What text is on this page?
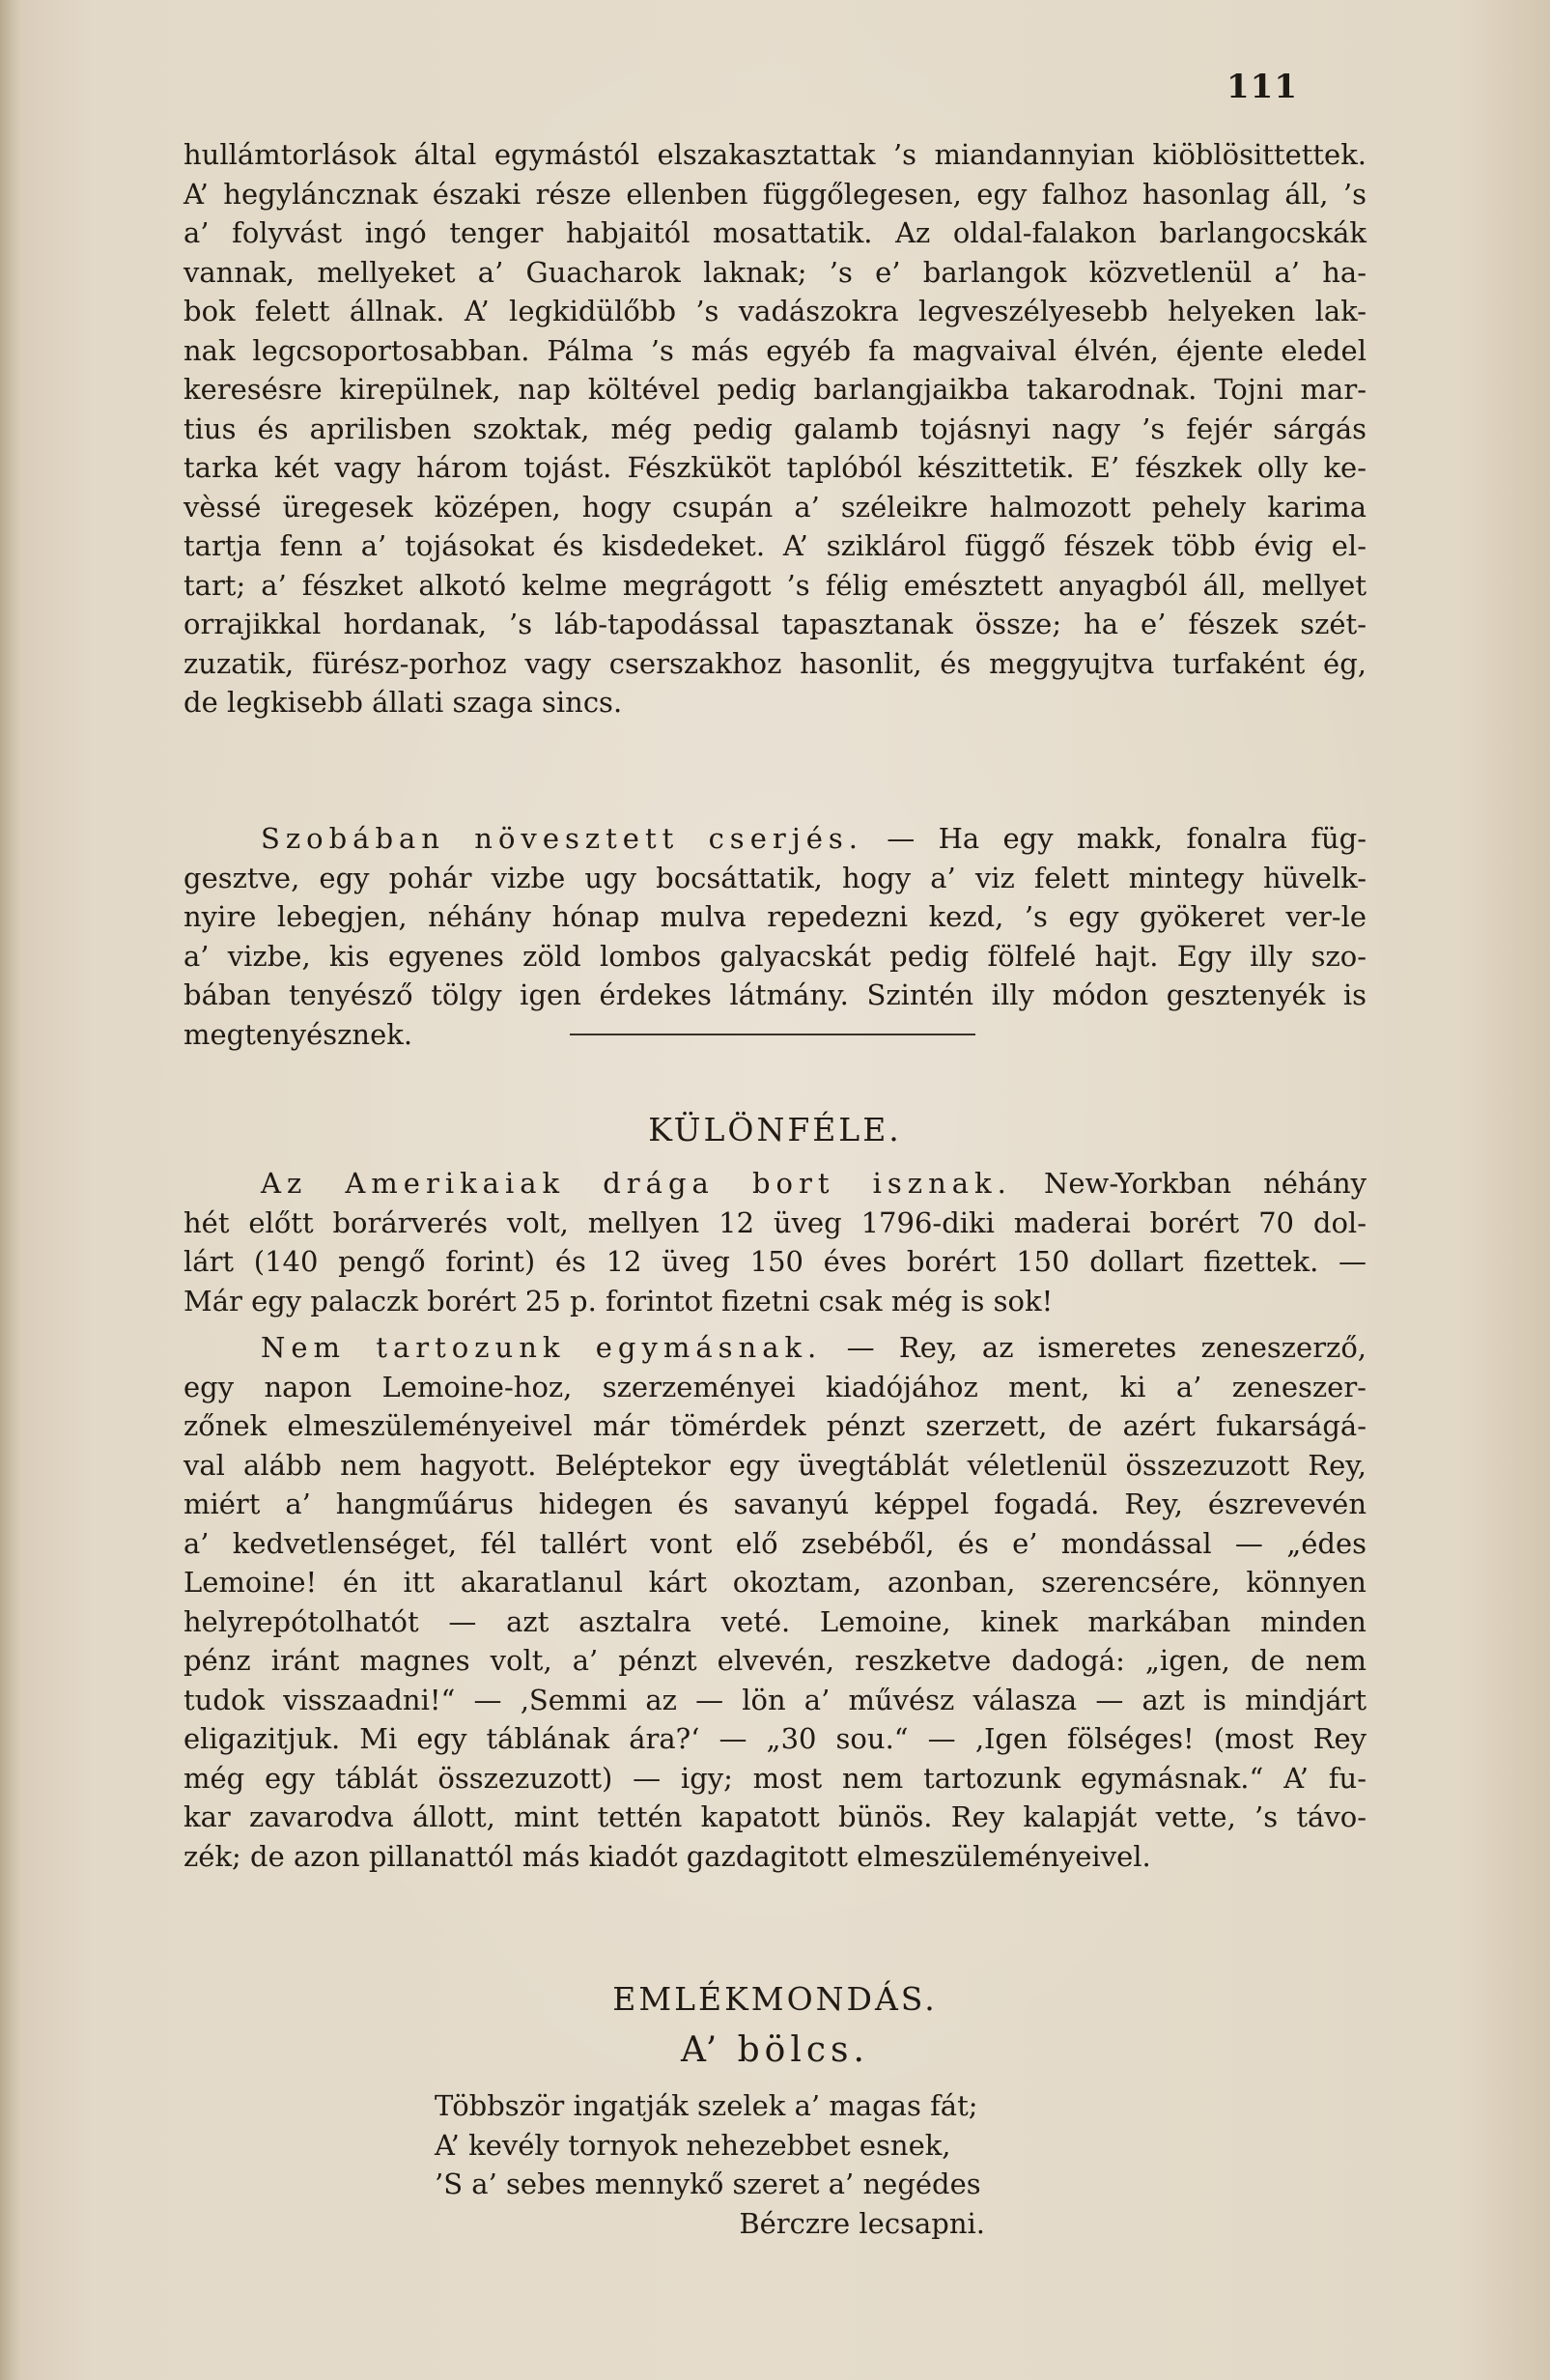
111
hullámtorlások által egymástól elszakasztattak ’s miandannyian kiöblösittettek.
A’ hegyláncznak északi része ellenben függőlegesen, egy falhoz hasonlag áll, ’s
a’ folyvást ingó tenger habjaitól mosattatik. Az oldal-falakon barlangocskák
vannak, mellyeket a’ Guacharok laknak; ’s e’ barlangok közvetlenül a’ ha-
bok felett állnak. A’ legkidülőbb ’s vadászokra legveszélyesebb helyeken lak-
nak legcsoportosabban. Pálma ’s más egyéb fa magvaival élvén, éjente eledel
keresésre kirepülnek, nap költével pedig barlangjaikba takarodnak. Tojni mar-
tius és aprilisben szoktak, még pedig galamb tojásnyi nagy ’s fejér sárgás
tarka két vagy három tojást. Fészküköt taplóból készittetik. E’ fészkek olly ke-
vèssé üregesek középen, hogy csupán a’ széleikre halmozott pehely karima
tartja fenn a’ tojásokat és kisdedeket. A’ sziklárol függő fészek több évig el-
tart; a’ fészket alkotó kelme megrágott ’s félig emésztett anyagból áll, mellyet
orrajikkal hordanak, ’s láb-tapodással tapasztanak össze; ha e’ fészek szét-
zuzatik, fürész-porhoz vagy cserszakhoz hasonlit, és meggyujtva turfaként ég,
de legkisebb állati szaga sincs.
Szobában növesztett cserjés. — Ha egy makk, fonalra füg-
gesztve, egy pohár vizbe ugy bocsáttatik, hogy a’ viz felett mintegy hüvelk-
nyire lebegjen, néhány hónap mulva repedezni kezd, ’s egy gyökeret ver-le
a’ vizbe, kis egyenes zöld lombos galyacskát pedig fölfelé hajt. Egy illy szo-
bában tenyésző tölgy igen érdekes látmány. Szintén illy módon gesztenyék is
megtenyésznek.
KÜLÖNFÉLE.
Az Amerikaiak drága bort isznak. New-Yorkban néhány
hét előtt borárverés volt, mellyen 12 üveg 1796-diki maderai borért 70 dol-
lárt (140 pengő forint) és 12 üveg 150 éves borért 150 dollart fizettek. —
Már egy palaczk borért 25 p. forintot fizetni csak még is sok!
Nem tartozunk egymásnak. — Rey, az ismeretes zeneszerző,
egy napon Lemoine-hoz, szerzeményei kiadójához ment, ki a’ zeneszer-
zőnek elmeszüleményeivel már tömérdek pénzt szerzett, de azért fukarságá-
val alább nem hagyott. Beléptekor egy üvegtáblát véletlenül összezuzott Rey,
miért a’ hangműárus hidegen és savanyú képpel fogadá. Rey, észrevevén
a’ kedvetlenséget, fél tallért vont elő zsebéből, és e’ mondással — „édes
Lemoine! én itt akaratlanul kárt okoztam, azonban, szerencsére, könnyen
helyrepótolhatót — azt asztalra veté. Lemoine, kinek markában minden
pénz iránt magnes volt, a’ pénzt elvevén, reszketve dadogá: „igen, de nem
tudok visszaadni!“ — ‚Semmi az — lön a’ művész válasza — azt is mindjárt
eligazitjuk. Mi egy táblának ára?‘ — „30 sou.“ — ‚Igen fölséges! (most Rey
még egy táblát összezuzott) — igy; most nem tartozunk egymásnak.“ A’ fu-
kar zavarodva állott, mint tettén kapatott bünös. Rey kalapját vette, ’s távo-
zék; de azon pillanattól más kiadót gazdagitott elmeszüleményeivel.
EMLÉKMONDÁS.
A’ bölcs.
Többször ingatják szelek a’ magas fát;
A’ kevély tornyok nehezebbet esnek,
’S a’ sebes mennykő szeret a’ negédes
Bérczre lecsapni.
